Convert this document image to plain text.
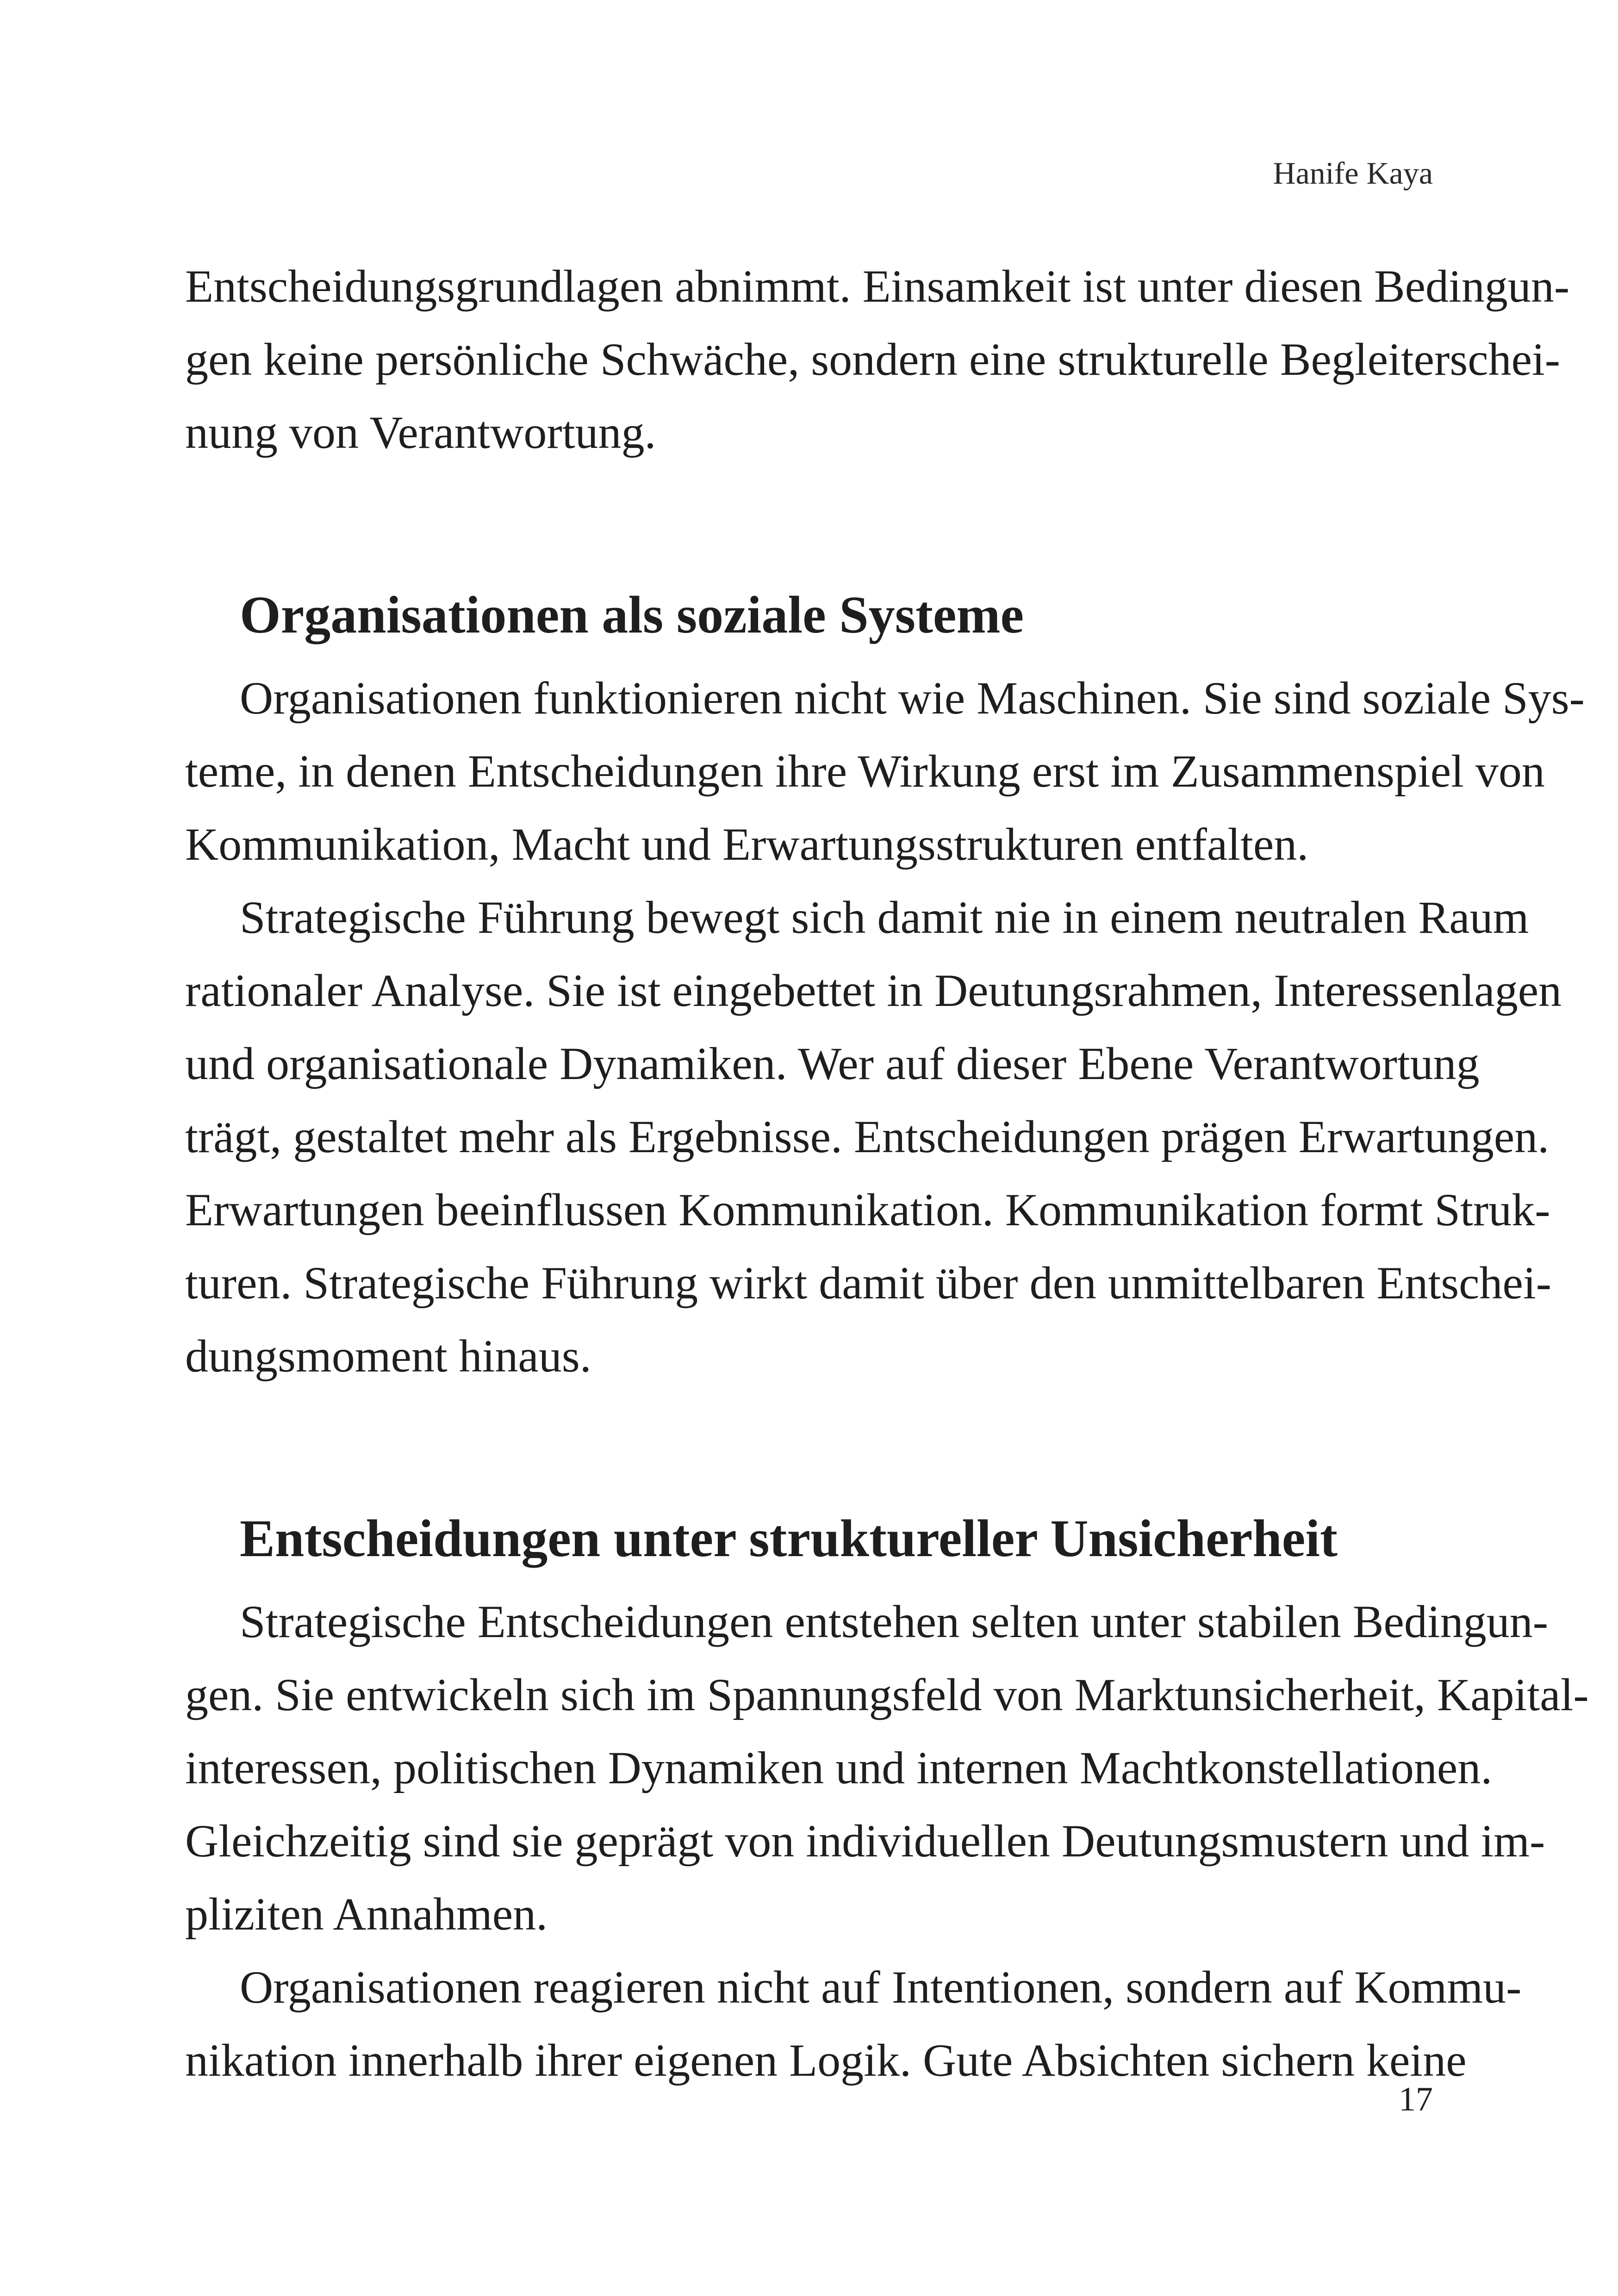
Hanife Kaya
Entscheidungsgrundlagen abnimmt. Einsamkeit ist unter diesen Bedingun-
gen keine persönliche Schwäche, sondern eine strukturelle Begleiterschei-
nung von Verantwortung.
Organisationen als soziale Systeme
Organisationen funktionieren nicht wie Maschinen. Sie sind soziale Sys-
teme, in denen Entscheidungen ihre Wirkung erst im Zusammenspiel von
Kommunikation, Macht und Erwartungsstrukturen entfalten.
Strategische Führung bewegt sich damit nie in einem neutralen Raum
rationaler Analyse. Sie ist eingebettet in Deutungsrahmen, Interessenlagen
und organisationale Dynamiken. Wer auf dieser Ebene Verantwortung
trägt, gestaltet mehr als Ergebnisse. Entscheidungen prägen Erwartungen.
Erwartungen beeinflussen Kommunikation. Kommunikation formt Struk-
turen. Strategische Führung wirkt damit über den unmittelbaren Entschei-
dungsmoment hinaus.
Entscheidungen unter struktureller Unsicherheit
Strategische Entscheidungen entstehen selten unter stabilen Bedingun-
gen. Sie entwickeln sich im Spannungsfeld von Marktunsicherheit, Kapital-
interessen, politischen Dynamiken und internen Machtkonstellationen.
Gleichzeitig sind sie geprägt von individuellen Deutungsmustern und im-
pliziten Annahmen.
Organisationen reagieren nicht auf Intentionen, sondern auf Kommu-
nikation innerhalb ihrer eigenen Logik. Gute Absichten sichern keine
17
